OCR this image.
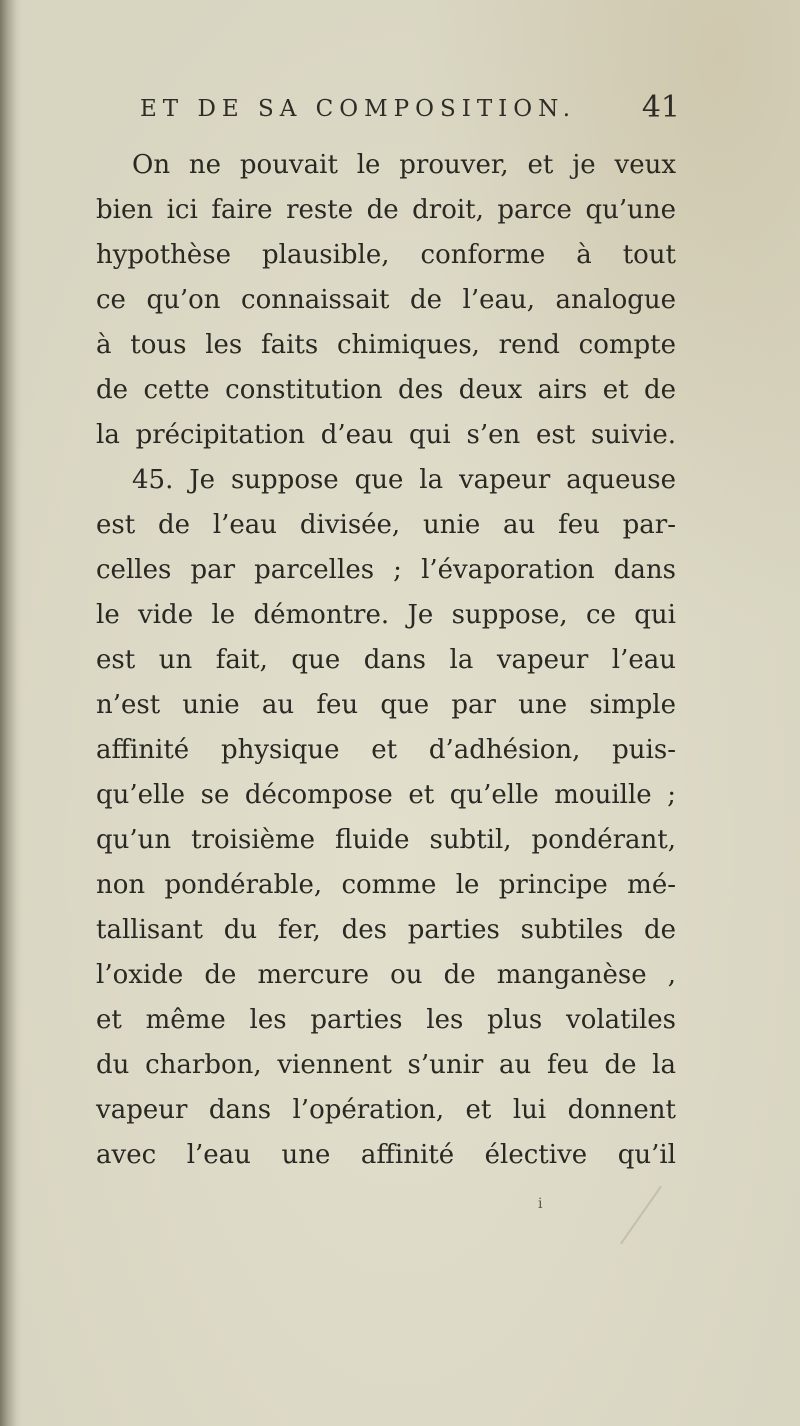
ET DE SA COMPOSITION. 41
On ne pouvait le prouver, et je veux
bien ici faire reste de droit, parce qu’une
hypothèse plausible, conforme à tout
ce qu’on connaissait de l’eau, analogue
à tous les faits chimiques, rend compte
de cette constitution des deux airs et de
la précipitation d’eau qui s’en est suivie.
45. Je suppose que la vapeur aqueuse
est de l’eau divisée, unie au feu par-
celles par parcelles ; l’évaporation dans
le vide le démontre. Je suppose, ce qui
est un fait, que dans la vapeur l’eau
n’est unie au feu que par une simple
affinité physique et d’adhésion, puis-
qu’elle se décompose et qu’elle mouille ;
qu’un troisième fluide subtil, pondérant,
non pondérable, comme le principe mé-
tallisant du fer, des parties subtiles de
l’oxide de mercure ou de manganèse ,
et même les parties les plus volatiles
du charbon, viennent s’unir au feu de la
vapeur dans l’opération, et lui donnent
avec l’eau une affinité élective qu’il
i
